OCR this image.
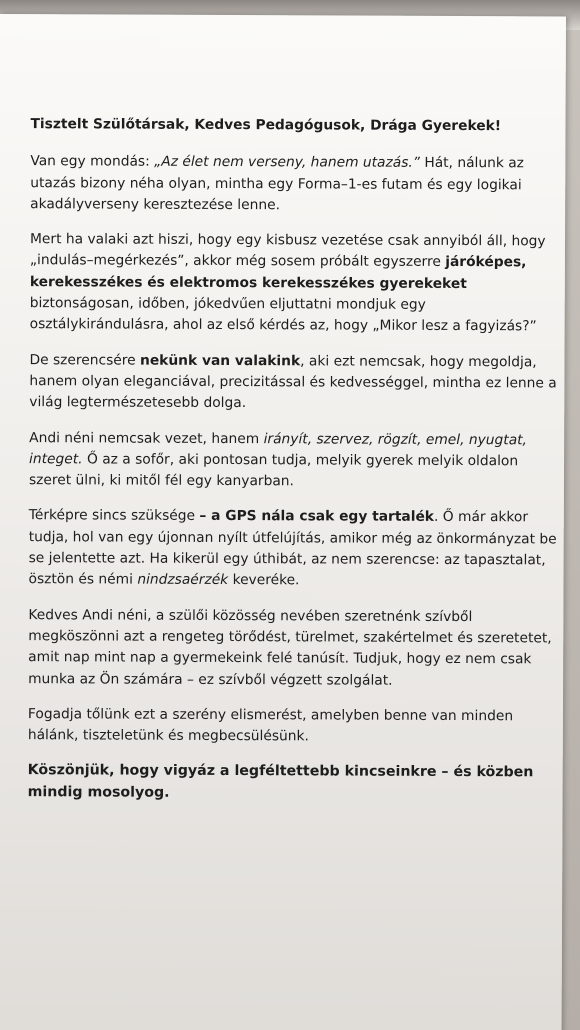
Tisztelt Szülőtársak, Kedves Pedagógusok, Drága Gyerekek!

Van egy mondás: „Az élet nem verseny, hanem utazás.” Hát, nálunk az utazás bizony néha olyan, mintha egy Forma–1-es futam és egy logikai akadályverseny keresztezése lenne.

Mert ha valaki azt hiszi, hogy egy kisbusz vezetése csak annyiból áll, hogy „indulás–megérkezés”, akkor még sosem próbált egyszerre járóképes, kerekesszékes és elektromos kerekesszékes gyerekeket biztonságosan, időben, jókedvűen eljuttatni mondjuk egy osztálykirándulásra, ahol az első kérdés az, hogy „Mikor lesz a fagyizás?”

De szerencsére nekünk van valakink, aki ezt nemcsak, hogy megoldja, hanem olyan eleganciával, precizitással és kedvességgel, mintha ez lenne a világ legtermészetesebb dolga.

Andi néni nemcsak vezet, hanem irányít, szervez, rögzít, emel, nyugtat, integet. Ő az a sofőr, aki pontosan tudja, melyik gyerek melyik oldalon szeret ülni, ki mitől fél egy kanyarban.

Térképre sincs szüksége – a GPS nála csak egy tartalék. Ő már akkor tudja, hol van egy újonnan nyílt útfelújítás, amikor még az önkormányzat be se jelentette azt. Ha kikerül egy úthibát, az nem szerencse: az tapasztalat, ösztön és némi nindzsaérzék keveréke.

Kedves Andi néni, a szülői közösség nevében szeretnénk szívből megköszönni azt a rengeteg törődést, türelmet, szakértelmet és szeretetet, amit nap mint nap a gyermekeink felé tanúsít. Tudjuk, hogy ez nem csak munka az Ön számára – ez szívből végzett szolgálat.

Fogadja tőlünk ezt a szerény elismerést, amelyben benne van minden hálánk, tiszteletünk és megbecsülésünk.

Köszönjük, hogy vigyáz a legféltettebb kincseinkre – és közben mindig mosolyog.
